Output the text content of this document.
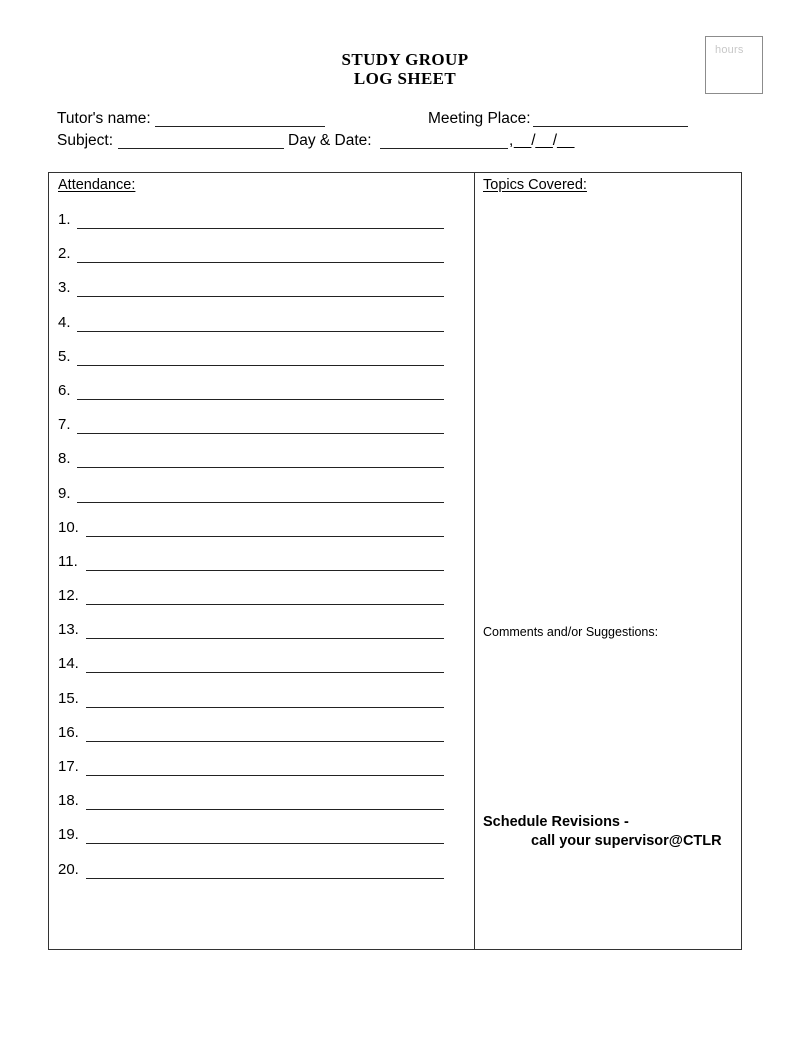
hours
STUDY GROUP
LOG SHEET
Tutor's name:	Meeting Place:
Subject:	Day & Date:	, __/__/__
Attendance:	Topics Covered:
1.
2.
3.
4.
5.
6.
7.
8.
9.
10.
11.
12.
13.
14.
15.
16.
17.
18.
19.
20.
Comments and/or Suggestions:
Schedule Revisions -
call your supervisor@CTLR
